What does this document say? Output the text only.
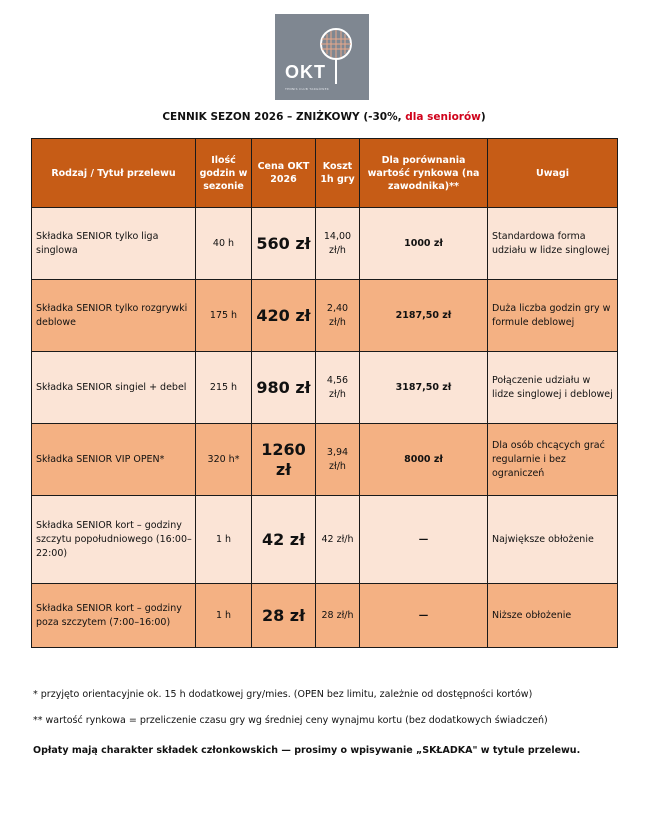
OKT
TENNIS CLUB TARGÓWEK
CENNIK SEZON 2026 – ZNIŻKOWY (-30%, dla seniorów)
Rodzaj / Tytuł przelewu	Ilość godzin w sezonie	Cena OKT 2026	Koszt 1h gry	Dla porównania wartość rynkowa (na zawodnika)**	Uwagi

Składka SENIOR tylko liga singlowa	40 h	560 zł	14,00 zł/h	1000 zł	Standardowa forma udziału w lidze singlowej

Składka SENIOR tylko rozgrywki deblowe	175 h	420 zł	2,40 zł/h	2187,50 zł	Duża liczba godzin gry w formule deblowej

Składka SENIOR singiel + debel	215 h	980 zł	4,56 zł/h	3187,50 zł	Połączenie udziału w lidze singlowej i deblowej

Składka SENIOR VIP OPEN*	320 h*	1260 zł	3,94 zł/h	8000 zł	Dla osób chcących grać regularnie i bez ograniczeń

Składka SENIOR kort – godziny szczytu popołudniowego (16:00–22:00)	1 h	42 zł	42 zł/h	—	Największe obłożenie

Składka SENIOR kort – godziny poza szczytem (7:00–16:00)	1 h	28 zł	28 zł/h	—	Niższe obłożenie

* przyjęto orientacyjnie ok. 15 h dodatkowej gry/mies. (OPEN bez limitu, zależnie od dostępności kortów)

** wartość rynkowa = przeliczenie czasu gry wg średniej ceny wynajmu kortu (bez dodatkowych świadczeń)

Opłaty mają charakter składek członkowskich — prosimy o wpisywanie „SKŁADKA" w tytule przelewu.
